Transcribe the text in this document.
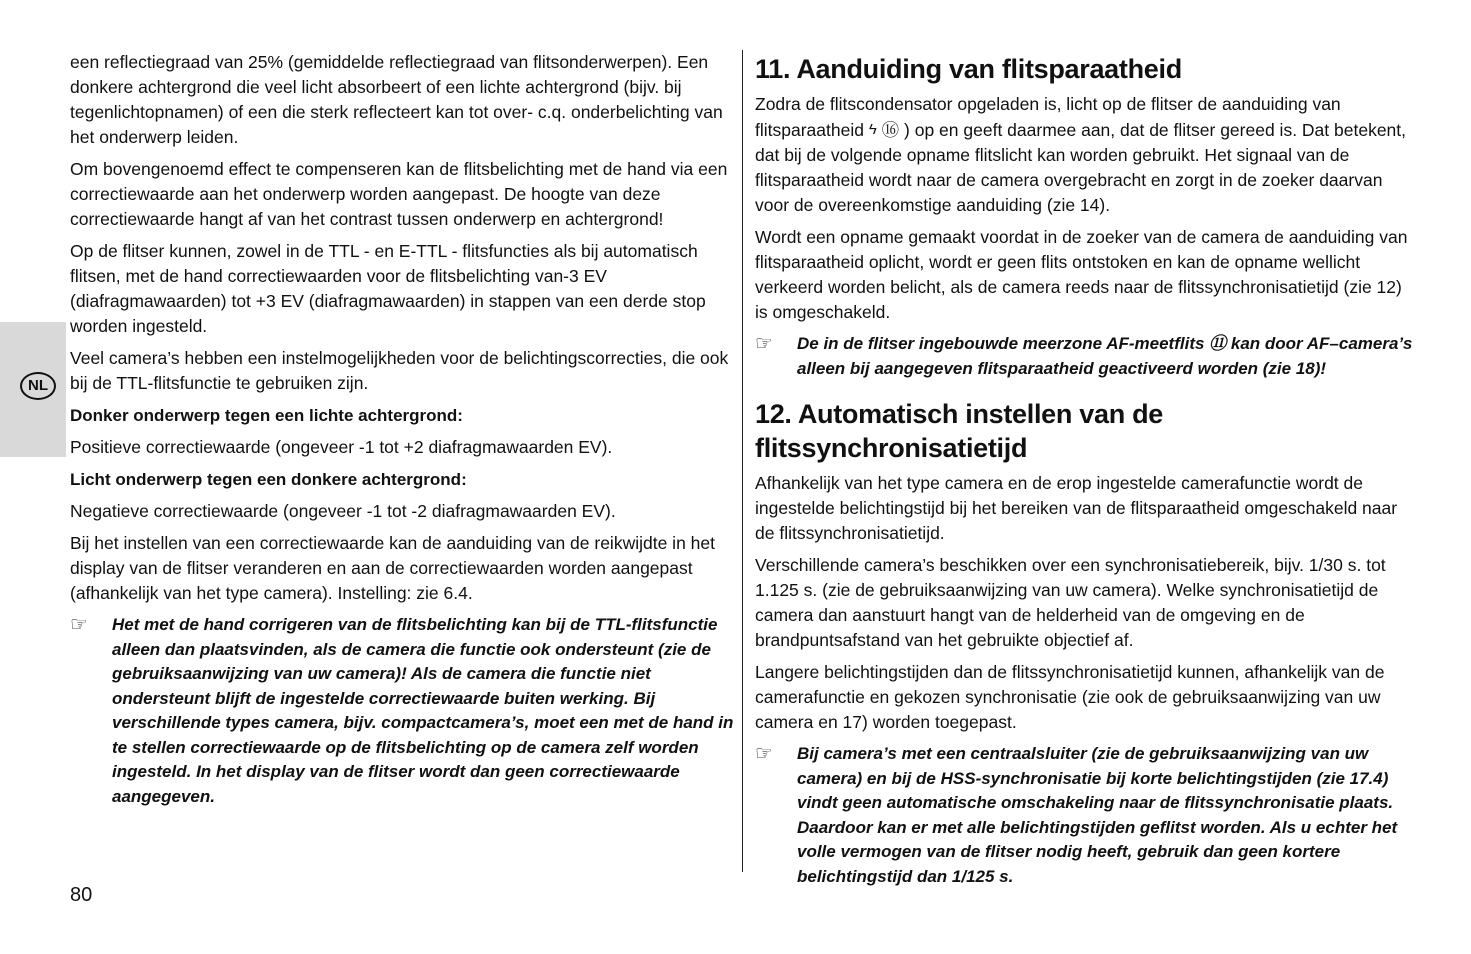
NL

een reflectiegraad van 25% (gemiddelde reflectiegraad van flitsonderwerpen). Een donkere achtergrond die veel licht absorbeert of een lichte achtergrond (bijv. bij tegenlichtopnamen) of een die sterk reflecteert kan tot over- c.q. onderbelichting van het onderwerp leiden.

Om bovengenoemd effect te compenseren kan de flitsbelichting met de hand via een correctiewaarde aan het onderwerp worden aangepast. De hoogte van deze correctiewaarde hangt af van het contrast tussen onderwerp en achtergrond!

Op de flitser kunnen, zowel in de TTL - en E-TTL - flitsfuncties als bij automatisch flitsen, met de hand correctiewaarden voor de flitsbelichting van-3 EV (diafragmawaarden) tot +3 EV (diafragmawaarden) in stappen van een derde stop worden ingesteld.

Veel camera’s hebben een instelmogelijkheden voor de belichtingscorrecties, die ook bij de TTL-flitsfunctie te gebruiken zijn.

Donker onderwerp tegen een lichte achtergrond:

Positieve correctiewaarde (ongeveer -1 tot +2 diafragmawaarden EV).

Licht onderwerp tegen een donkere achtergrond:

Negatieve correctiewaarde (ongeveer -1 tot -2 diafragmawaarden EV).

Bij het instellen van een correctiewaarde kan de aanduiding van de reikwijdte in het display van de flitser veranderen en aan de correctiewaarden worden aangepast (afhankelijk van het type camera). Instelling: zie 6.4.

☞ Het met de hand corrigeren van de flitsbelichting kan bij de TTL-flitsfunctie alleen dan plaatsvinden, als de camera die functie ook ondersteunt (zie de gebruiksaanwijzing van uw camera)! Als de camera die functie niet ondersteunt blijft de ingestelde correctiewaarde buiten werking. Bij verschillende types camera, bijv. compactcamera’s, moet een met de hand in te stellen correctiewaarde op de flitsbelichting op de camera zelf worden ingesteld. In het display van de flitser wordt dan geen correctiewaarde aangegeven.
11. Aanduiding van flitsparaatheid

Zodra de flitscondensator opgeladen is, licht op de flitser de aanduiding van flitsparaatheid ϟ ⑯ ) op en geeft daarmee aan, dat de flitser gereed is. Dat betekent, dat bij de volgende opname flitslicht kan worden gebruikt. Het signaal van de flitsparaatheid wordt naar de camera overgebracht en zorgt in de zoeker daarvan voor de overeenkomstige aanduiding (zie 14).

Wordt een opname gemaakt voordat in de zoeker van de camera de aanduiding van flitsparaatheid oplicht, wordt er geen flits ontstoken en kan de opname wellicht verkeerd worden belicht, als de camera reeds naar de flitssynchronisatietijd (zie 12) is omgeschakeld.

☞ De in de flitser ingebouwde meerzone AF-meetflits ⑪ kan door AF–camera’s alleen bij aangegeven flitsparaatheid geactiveerd worden (zie 18)!
12. Automatisch instellen van de flitssynchronisatietijd

Afhankelijk van het type camera en de erop ingestelde camerafunctie wordt de ingestelde belichtingstijd bij het bereiken van de flitsparaatheid omgeschakeld naar de flitssynchronisatietijd.

Verschillende camera’s beschikken over een synchronisatiebereik, bijv. 1/30 s. tot 1.125 s. (zie de gebruiksaanwijzing van uw camera). Welke synchronisatietijd de camera dan aanstuurt hangt van de helderheid van de omgeving en de brandpuntsafstand van het gebruikte objectief af.

Langere belichtingstijden dan de flitssynchronisatietijd kunnen, afhankelijk van de camerafunctie en gekozen synchronisatie (zie ook de gebruiksaanwijzing van uw camera en 17) worden toegepast.

☞ Bij camera’s met een centraalsluiter (zie de gebruiksaanwijzing van uw camera) en bij de HSS-synchronisatie bij korte belichtingstijden (zie 17.4) vindt geen automatische omschakeling naar de flitssynchronisatie plaats. Daardoor kan er met alle belichtingstijden geflitst worden. Als u echter het volle vermogen van de flitser nodig heeft, gebruik dan geen kortere belichtingstijd dan 1/125 s.
80
